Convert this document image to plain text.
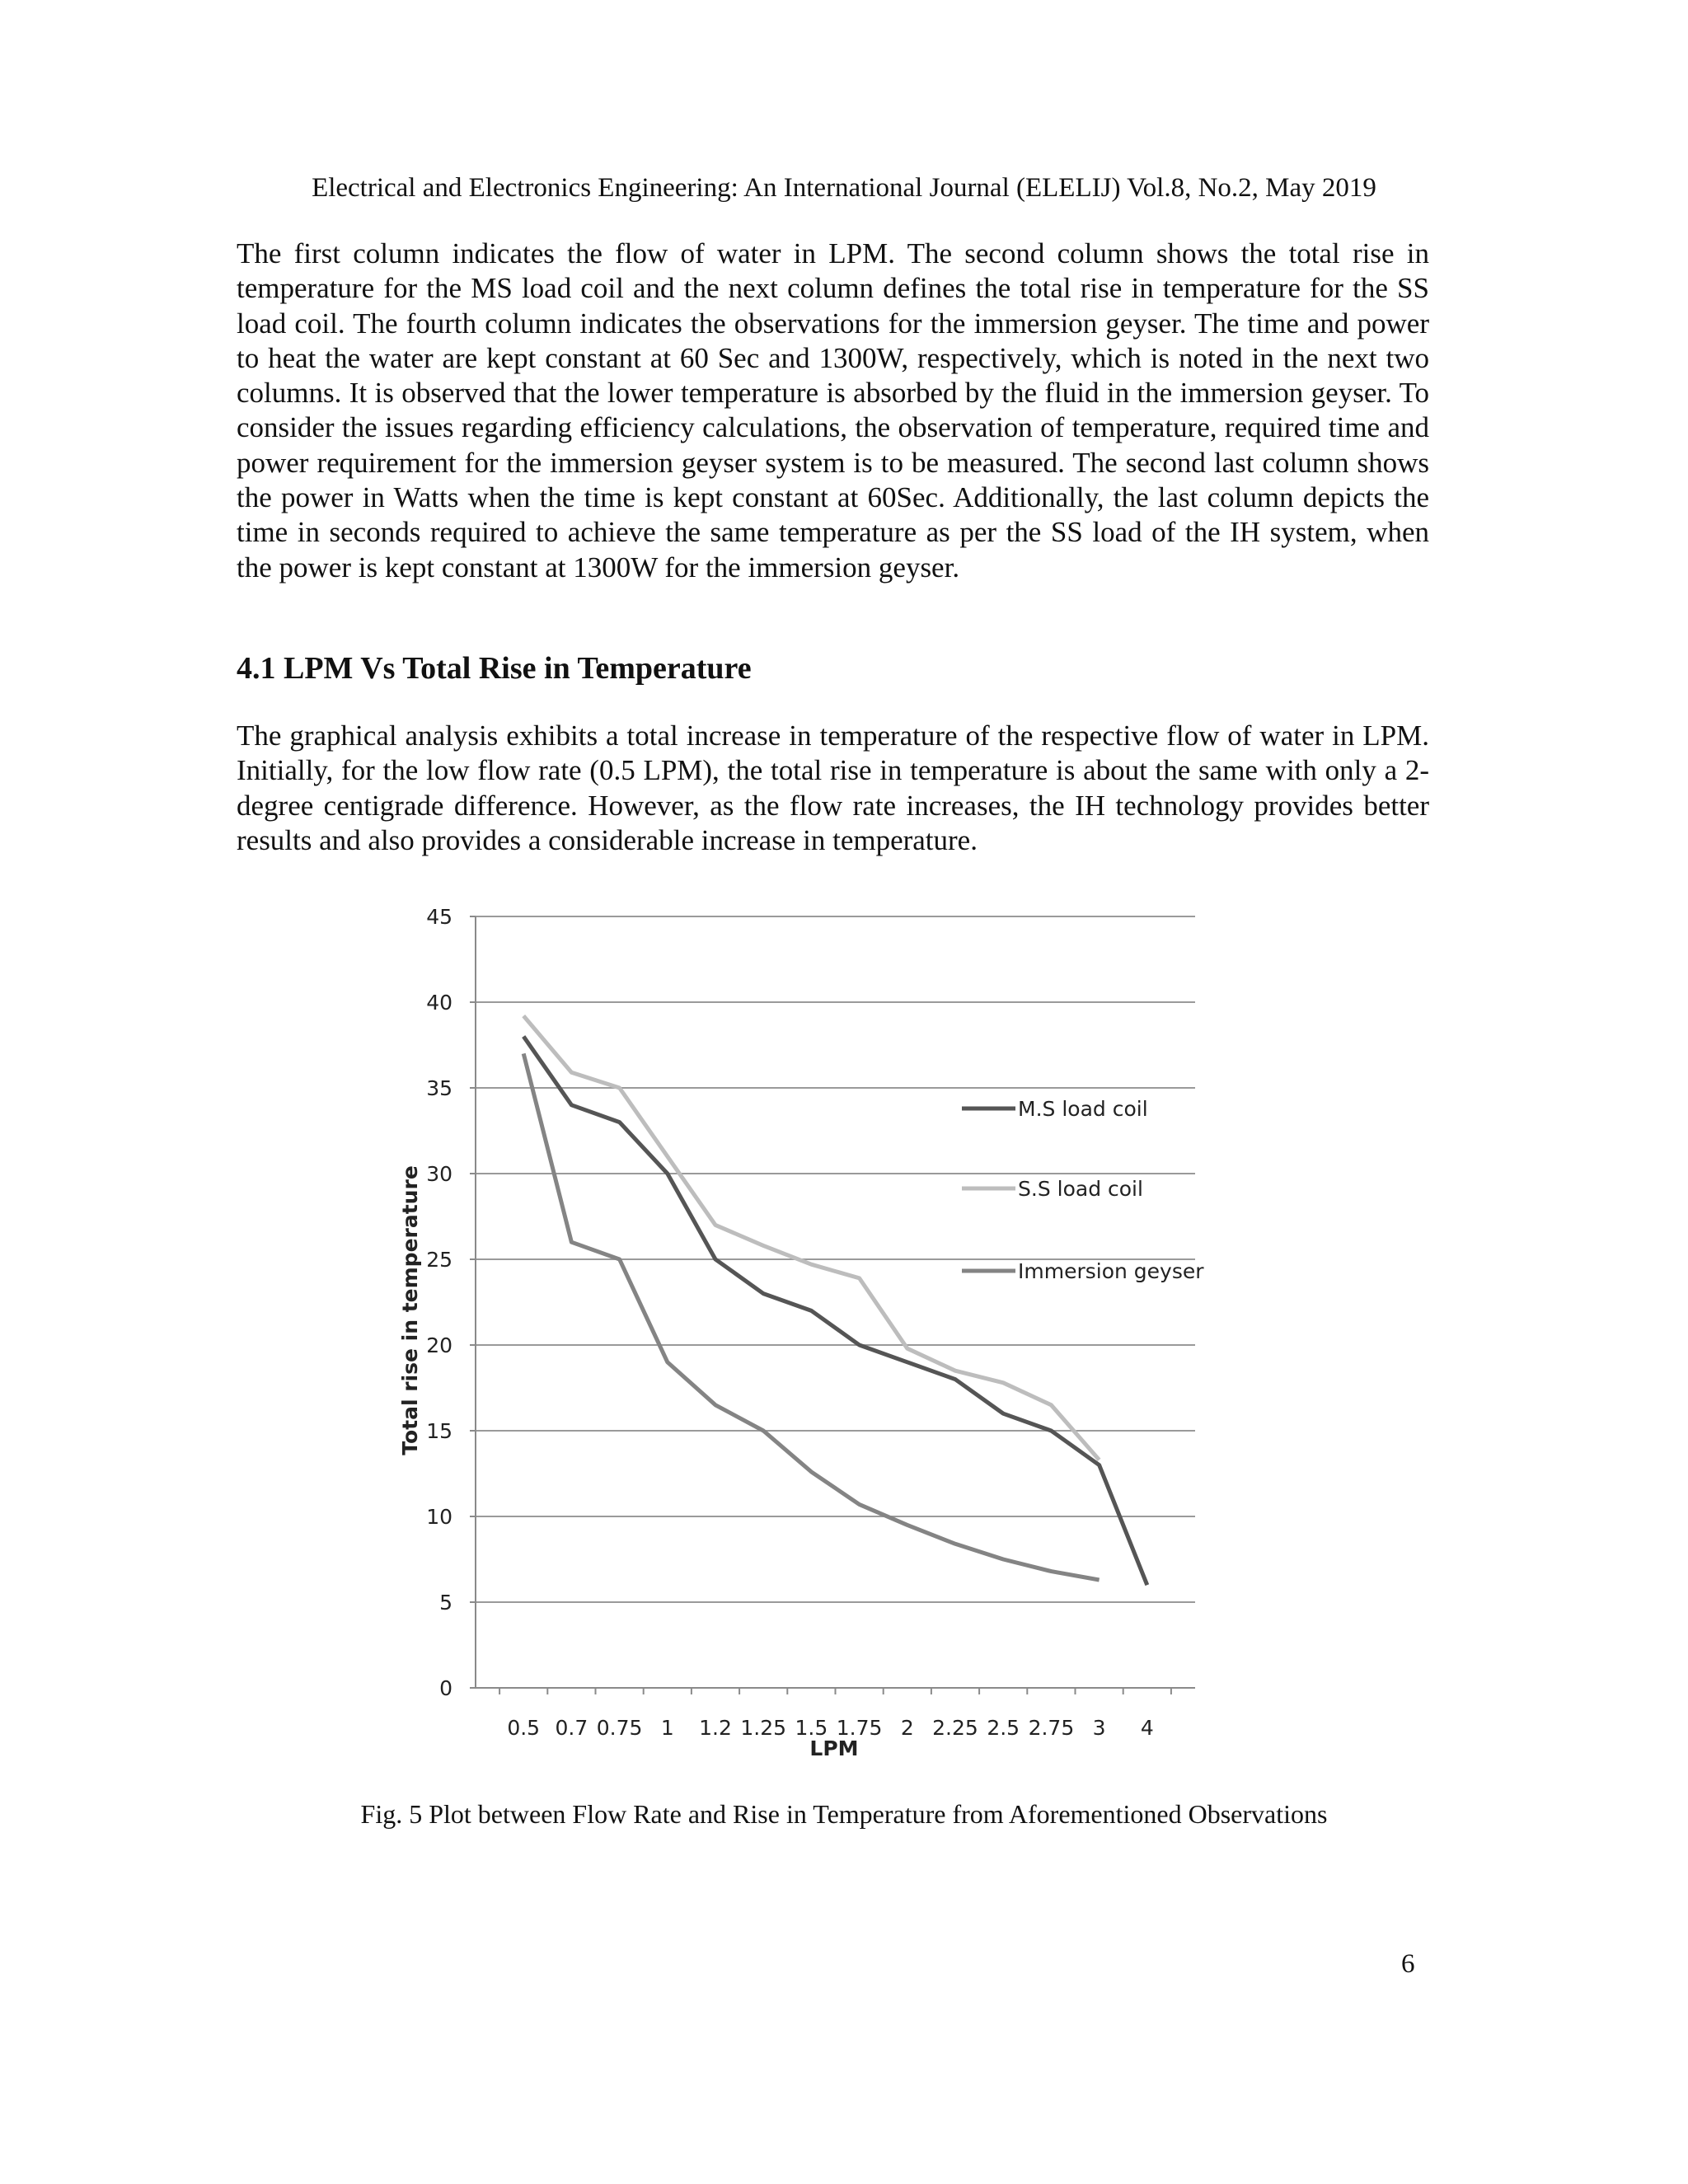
Electrical and Electronics Engineering: An International Journal (ELELIJ) Vol.8, No.2, May 2019

The first column indicates the flow of water in LPM. The second column shows the total rise in temperature for the MS load coil and the next column defines the total rise in temperature for the SS load coil. The fourth column indicates the observations for the immersion geyser. The time and power to heat the water are kept constant at 60 Sec and 1300W, respectively, which is noted in the next two columns. It is observed that the lower temperature is absorbed by the fluid in the immersion geyser. To consider the issues regarding efficiency calculations, the observation of temperature, required time and power requirement for the immersion geyser system is to be measured. The second last column shows the power in Watts when the time is kept constant at 60Sec. Additionally, the last column depicts the time in seconds required to achieve the same temperature as per the SS load of the IH system, when the power is kept constant at 1300W for the immersion geyser.

4.1 LPM Vs Total Rise in Temperature

The graphical analysis exhibits a total increase in temperature of the respective flow of water in LPM. Initially, for the low flow rate (0.5 LPM), the total rise in temperature is about the same with only a 2-degree centigrade difference. However, as the flow rate increases, the IH technology provides better results and also provides a considerable increase in temperature.

0
5
10
15
20
25
30
35
40
45
0.5 0.7 0.75 1 1.2 1.25 1.5 1.75 2 2.25 2.5 2.75 3 4
M.S load coil
S.S load coil
Immersion geyser
Total rise in temperature
LPM
Fig. 5 Plot between Flow Rate and Rise in Temperature from Aforementioned Observations
6
